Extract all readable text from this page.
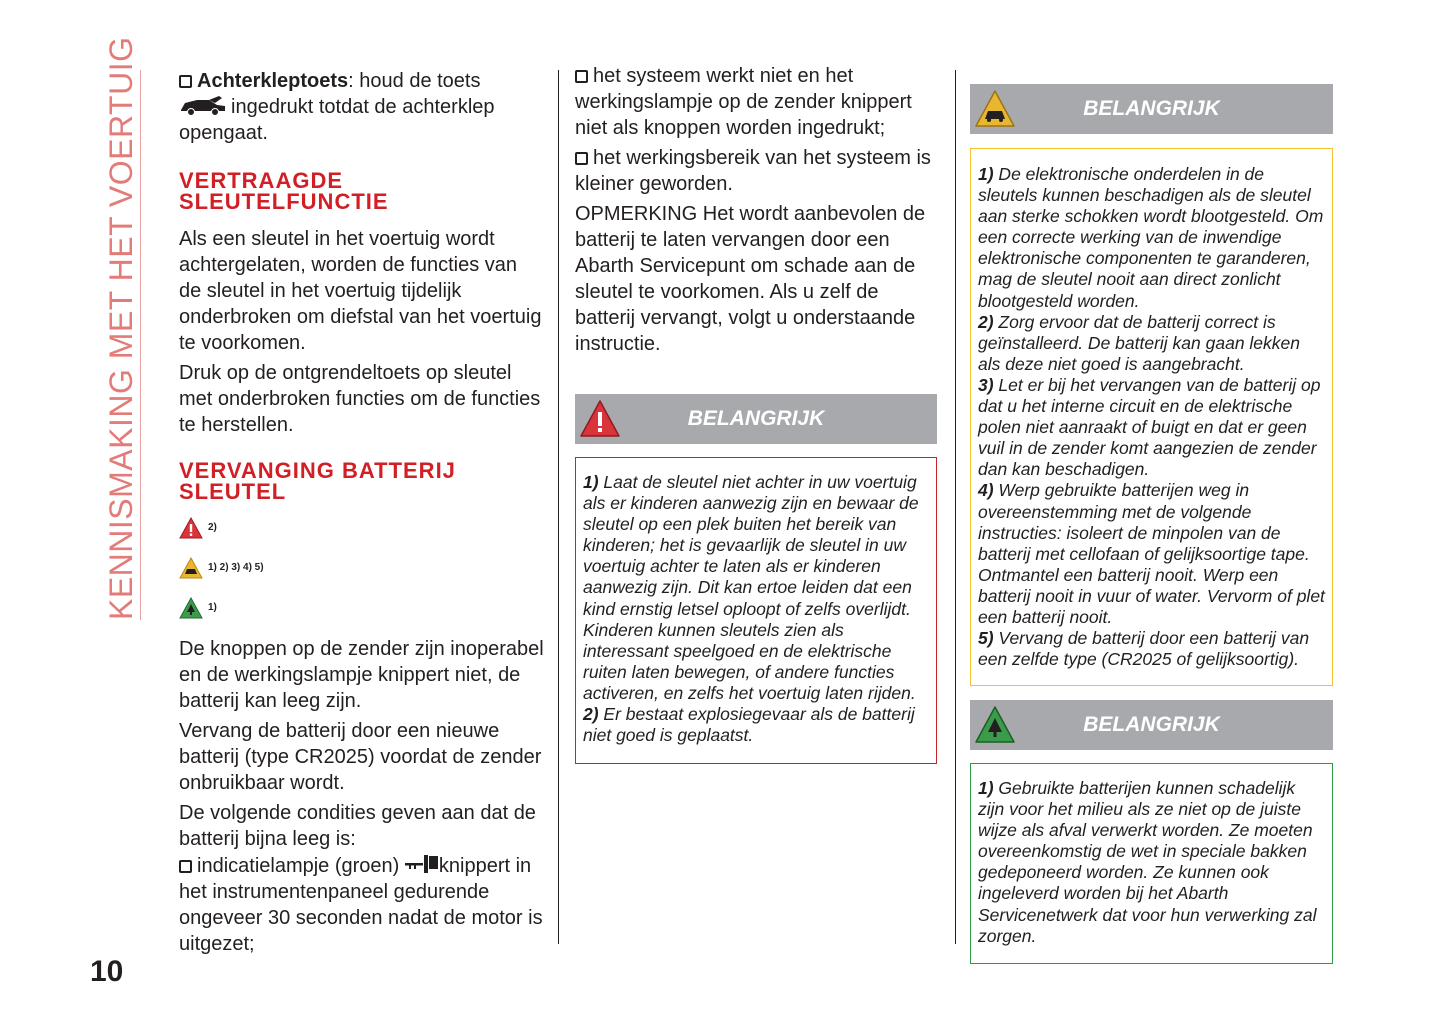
KENNISMAKING MET HET VOERTUIG
10

Achterkleptoets: houd de toets
ingedrukt totdat de achterklep
opengaat.

VERTRAAGDE
SLEUTELFUNCTIE

Als een sleutel in het voertuig wordt achtergelaten, worden de functies van de sleutel in het voertuig tijdelijk onderbroken om diefstal van het voertuig te voorkomen.

Druk op de ontgrendeltoets op sleutel met onderbroken functies om de functies te herstellen.

VERVANGING BATTERIJ
SLEUTEL
2)
1) 2) 3) 4) 5)
1)

De knoppen op de zender zijn inoperabel en de werkingslampje knippert niet, de batterij kan leeg zijn.

Vervang de batterij door een nieuwe batterij (type CR2025) voordat de zender onbruikbaar wordt.

De volgende condities geven aan dat de batterij bijna leeg is:
indicatielampje (groen) knippert in het instrumentenpaneel gedurende ongeveer 30 seconden nadat de motor is uitgezet;

het systeem werkt niet en het werkingslampje op de zender knippert niet als knoppen worden ingedrukt;

het werkingsbereik van het systeem is kleiner geworden.

OPMERKING Het wordt aanbevolen de batterij te laten vervangen door een Abarth Servicepunt om schade aan de sleutel te voorkomen. Als u zelf de batterij vervangt, volgt u onderstaande instructie.

BELANGRIJK

1) Laat de sleutel niet achter in uw voertuig als er kinderen aanwezig zijn en bewaar de sleutel op een plek buiten het bereik van kinderen; het is gevaarlijk de sleutel in uw voertuig achter te laten als er kinderen aanwezig zijn. Dit kan ertoe leiden dat een kind ernstig letsel oploopt of zelfs overlijdt. Kinderen kunnen sleutels zien als interessant speelgoed en de elektrische ruiten laten bewegen, of andere functies activeren, en zelfs het voertuig laten rijden.

2) Er bestaat explosiegevaar als de batterij niet goed is geplaatst.

BELANGRIJK

1) De elektronische onderdelen in de sleutels kunnen beschadigen als de sleutel aan sterke schokken wordt blootgesteld. Om een correcte werking van de inwendige elektronische componenten te garanderen, mag de sleutel nooit aan direct zonlicht blootgesteld worden.

2) Zorg ervoor dat de batterij correct is geïnstalleerd. De batterij kan gaan lekken als deze niet goed is aangebracht.

3) Let er bij het vervangen van de batterij op dat u het interne circuit en de elektrische polen niet aanraakt of buigt en dat er geen vuil in de zender komt aangezien de zender dan kan beschadigen.

4) Werp gebruikte batterijen weg in overeenstemming met de volgende instructies: isoleert de minpolen van de batterij met cellofaan of gelijksoortige tape. Ontmantel een batterij nooit. Werp een batterij nooit in vuur of water. Vervorm of plet een batterij nooit.

5) Vervang de batterij door een batterij van een zelfde type (CR2025 of gelijksoortig).

BELANGRIJK

1) Gebruikte batterijen kunnen schadelijk zijn voor het milieu als ze niet op de juiste wijze als afval verwerkt worden. Ze moeten overeenkomstig de wet in speciale bakken gedeponeerd worden. Ze kunnen ook ingeleverd worden bij het Abarth Servicenetwerk dat voor hun verwerking zal zorgen.
